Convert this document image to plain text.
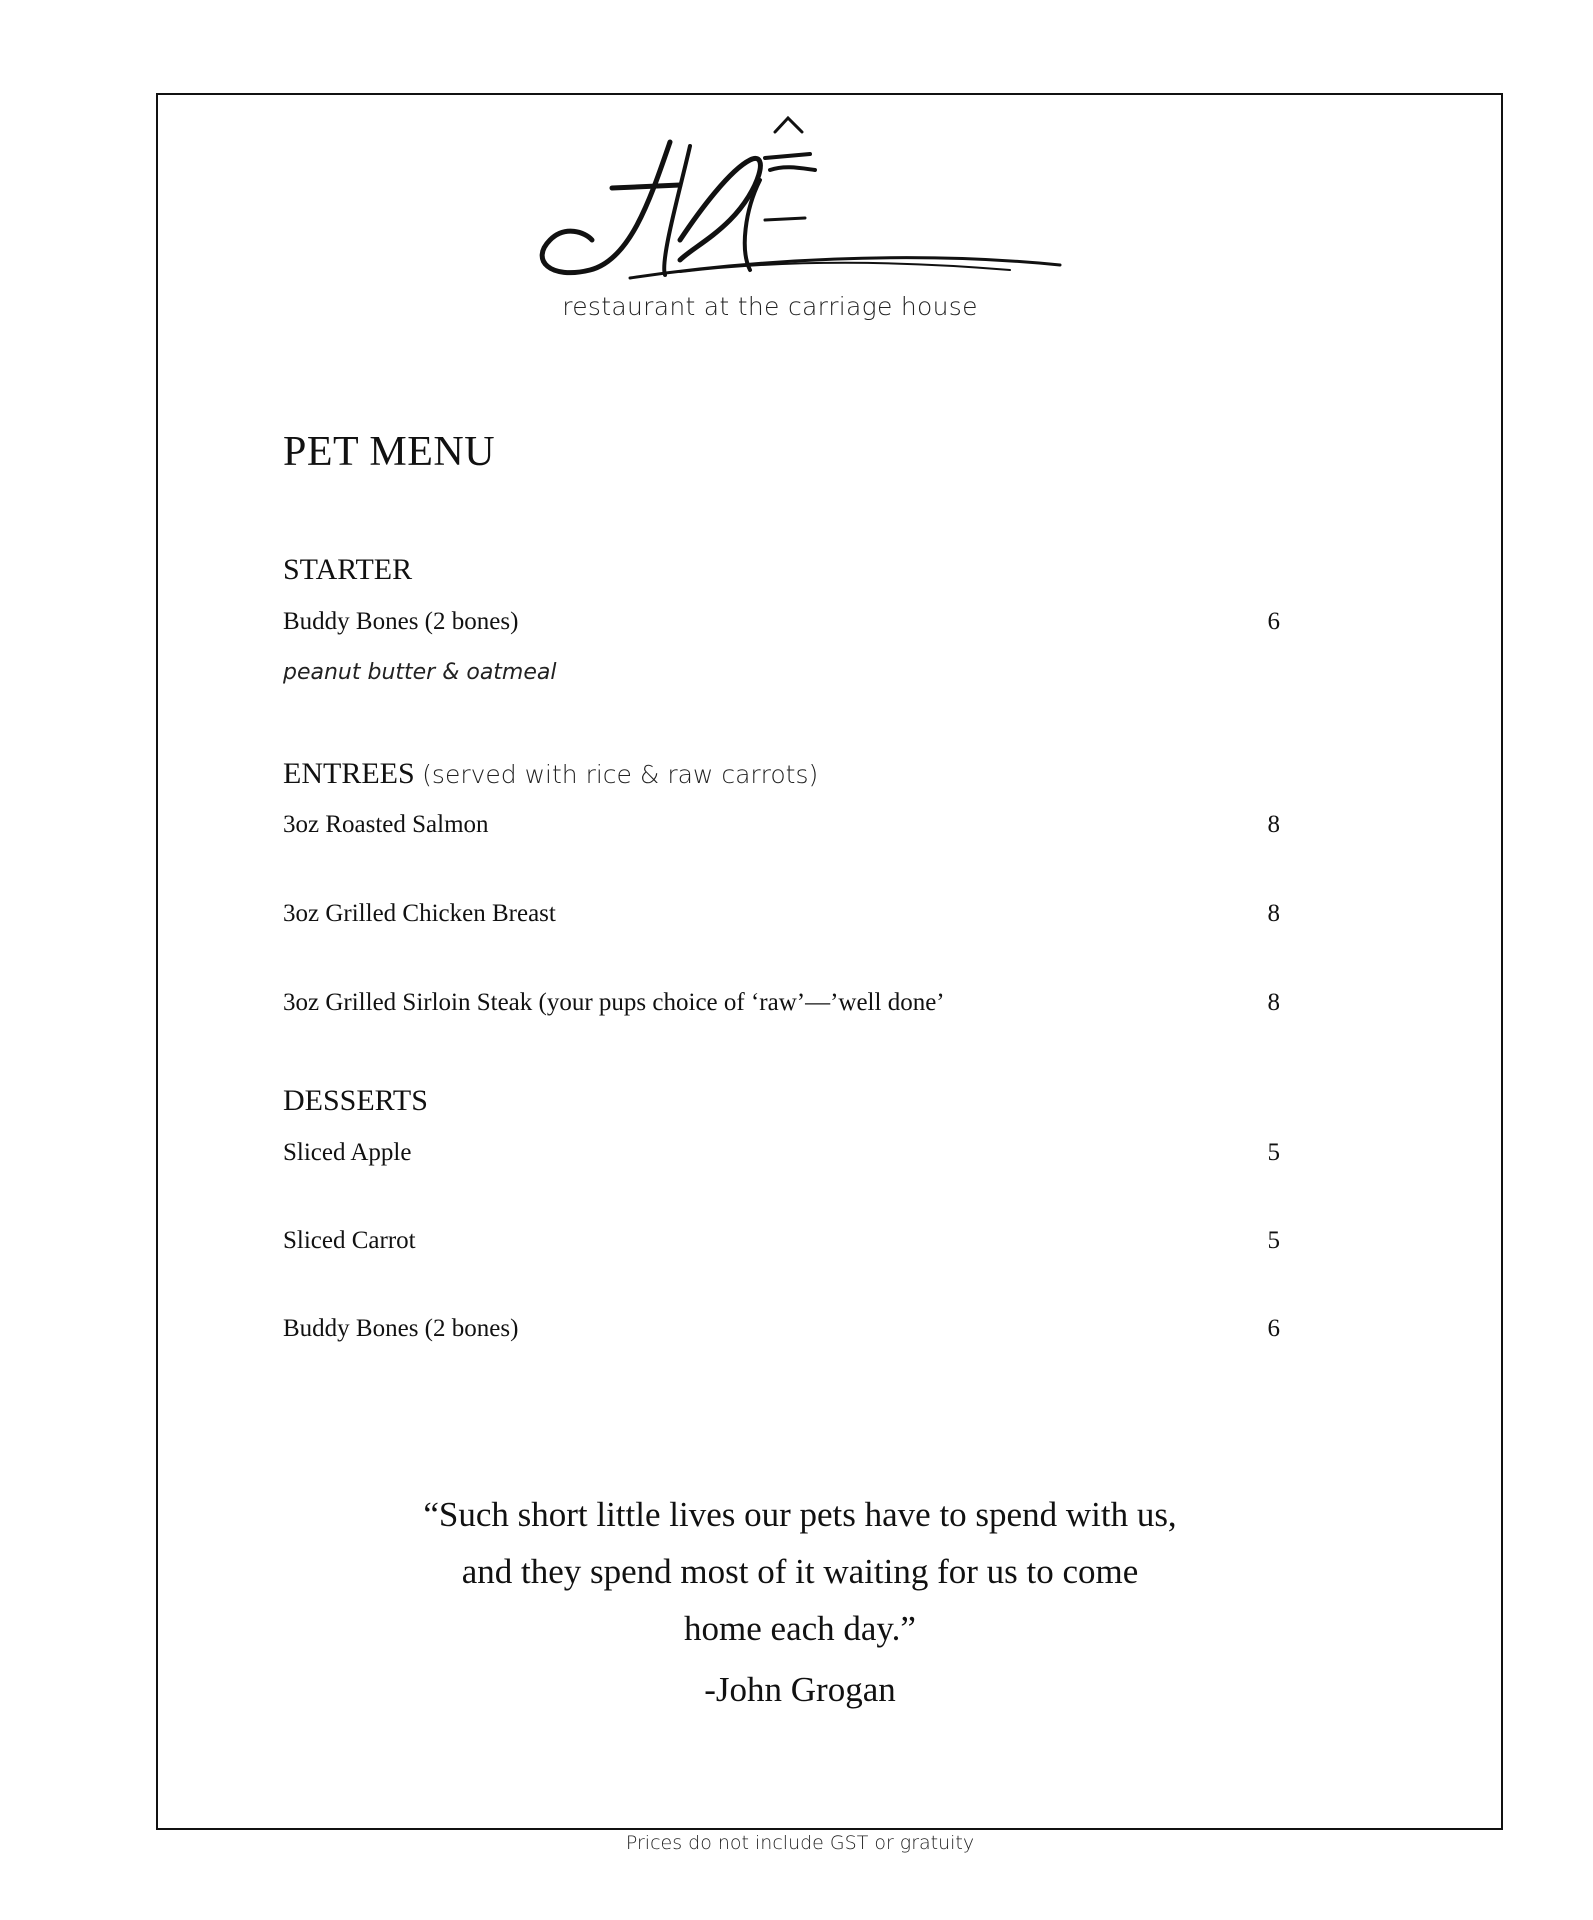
restaurant at the carriage house
PET MENU
STARTER
Buddy Bones (2 bones)	6
peanut butter & oatmeal
ENTREES (served with rice & raw carrots)
3oz Roasted Salmon	8
3oz Grilled Chicken Breast	8
3oz Grilled Sirloin Steak (your pups choice of ‘raw’—’well done’	8
DESSERTS
Sliced Apple	5
Sliced Carrot	5
Buddy Bones (2 bones)	6
“Such short little lives our pets have to spend with us,
and they spend most of it waiting for us to come
home each day.”
-John Grogan
Prices do not include GST or gratuity
